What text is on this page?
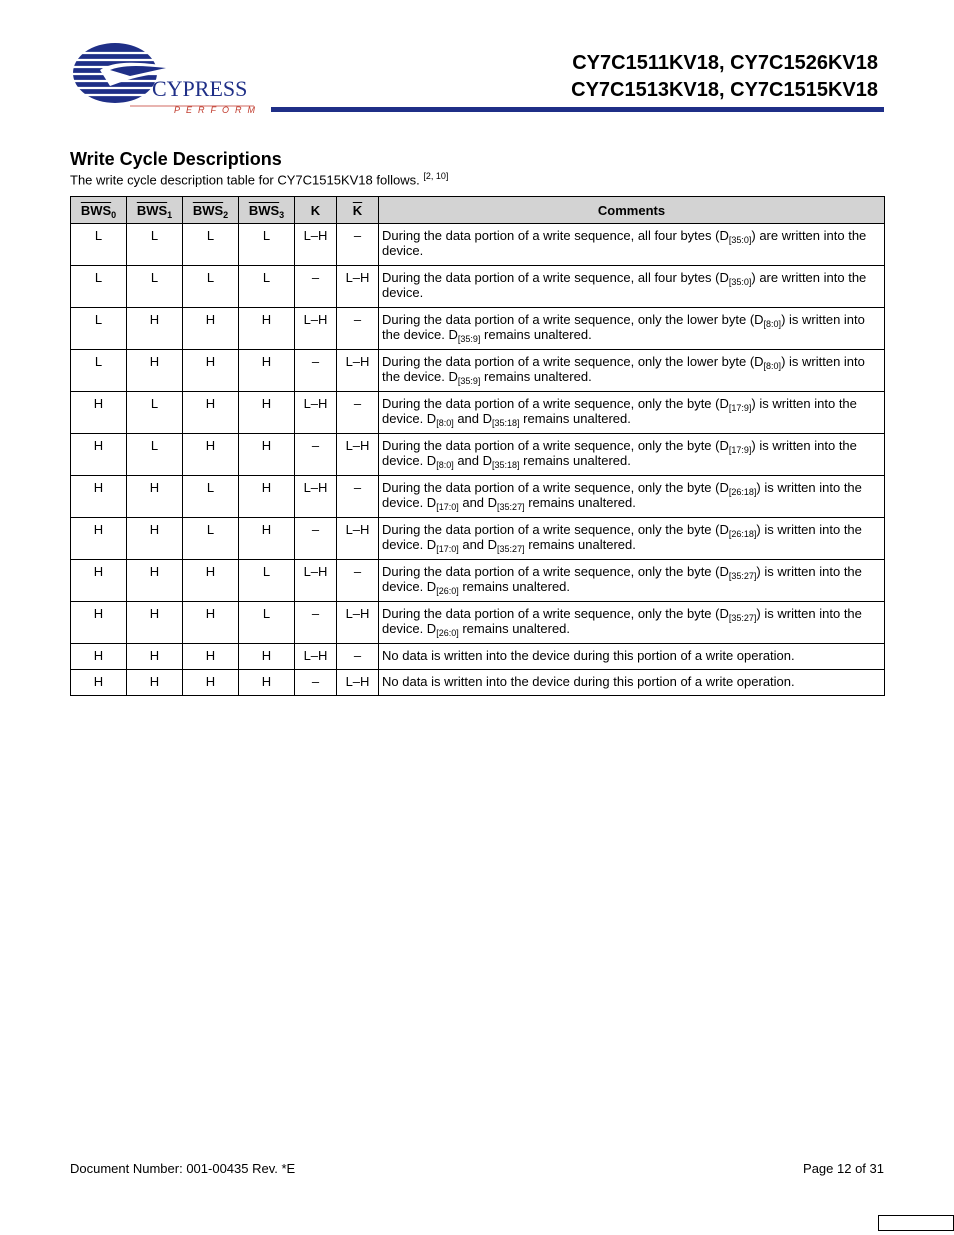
CYPRESS
PERFORM
CY7C1511KV18, CY7C1526KV18
CY7C1513KV18, CY7C1515KV18
Write Cycle Descriptions
The write cycle description table for CY7C1515KV18 follows. [2, 10]
$\overline{BWS}_0$	$\overline{BWS}_1$	$\overline{BWS}_2$	$\overline{BWS}_3$	K	$\overline{K}$	Comments
L	L	L	L	L–H	–	During the data portion of a write sequence, all four bytes $(D_{[35:0]})$ are written into the device.
L	L	L	L	–	L–H	During the data portion of a write sequence, all four bytes $(D_{[35:0]})$ are written into the device.
L	H	H	H	L–H	–	During the data portion of a write sequence, only the lower byte $(D_{[8:0]})$ is written into the device. $D_{[35:9]}$ remains unaltered.
L	H	H	H	–	L–H	During the data portion of a write sequence, only the lower byte $(D_{[8:0]})$ is written into the device. $D_{[35:9]}$ remains unaltered.
H	L	H	H	L–H	–	During the data portion of a write sequence, only the byte $(D_{[17:9]})$ is written into the device. $D_{[8:0]}$ and $D_{[35:18]}$ remains unaltered.
H	L	H	H	–	L–H	During the data portion of a write sequence, only the byte $(D_{[17:9]})$ is written into the device. $D_{[8:0]}$ and $D_{[35:18]}$ remains unaltered.
H	H	L	H	L–H	–	During the data portion of a write sequence, only the byte $(D_{[26:18]})$ is written into the device. $D_{[17:0]}$ and $D_{[35:27]}$ remains unaltered.
H	H	L	H	–	L–H	During the data portion of a write sequence, only the byte $(D_{[26:18]})$ is written into the device. $D_{[17:0]}$ and $D_{[35:27]}$ remains unaltered.
H	H	H	L	L–H	–	During the data portion of a write sequence, only the byte $(D_{[35:27]})$ is written into the device. $D_{[26:0]}$ remains unaltered.
H	H	H	L	–	L–H	During the data portion of a write sequence, only the byte $(D_{[35:27]})$ is written into the device. $D_{[26:0]}$ remains unaltered.
H	H	H	H	L–H	–	No data is written into the device during this portion of a write operation.
H	H	H	H	–	L–H	No data is written into the device during this portion of a write operation.
Document Number: 001-00435 Rev. *E	Page 12 of 31
